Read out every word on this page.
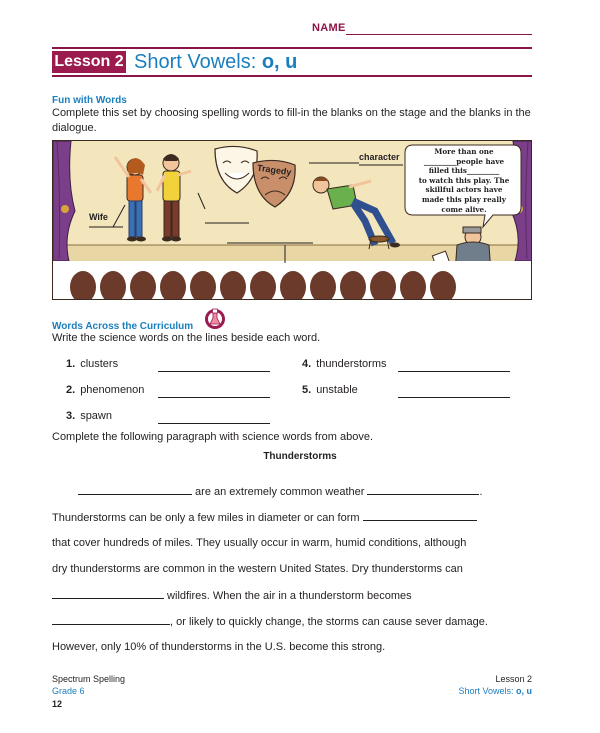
NAME
Lesson 2 Short Vowels: o, u
Fun with Words
Complete this set by choosing spelling words to fill-in the blanks on the stage and the blanks in the dialogue.
Wife
Tragedy
character
More than one
_________people have
filled this_________
to watch this play. The
skillful actors have
made this play really
come alive.
Words Across the Curriculum
Write the science words on the lines beside each word.
1. clusters
2. phenomenon
3. spawn
4. thunderstorms
5. unstable
Complete the following paragraph with science words from above.
Thunderstorms
are an extremely common weather	.
Thunderstorms can be only a few miles in diameter or can form
that cover hundreds of miles. They usually occur in warm, humid conditions, although
dry thunderstorms are common in the western United States. Dry thunderstorms can
wildfires. When the air in a thunderstorm becomes
, or likely to quickly change, the storms can cause sever damage.
However, only 10% of thunderstorms in the U.S. become this strong.
Spectrum Spelling
Grade 6
12
Lesson 2
Short Vowels: o, u
